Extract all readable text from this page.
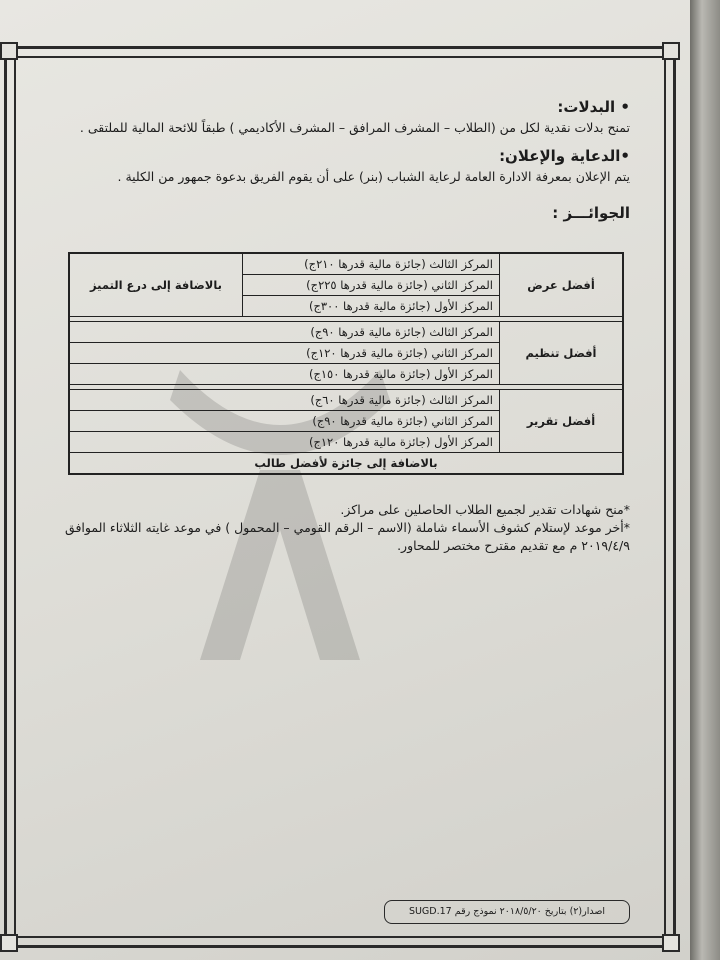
• البدلات:

تمنح بدلات نقدية لكل من (الطلاب – المشرف المرافق – المشرف الأكاديمي ) طبقاً للائحة المالية للملتقى .

•الدعاية والإعلان:

يتم الإعلان بمعرفة الادارة العامة لرعاية الشباب (بنر) على أن يقوم الفريق بدعوة جمهور من الكلية .

الجوائـــز :
أفضل عرض	المركز الثالث (جائزة مالية قدرها ٢١٠ج)	بالاضافة إلى درع التميز
	المركز الثاني (جائزة مالية قدرها ٢٢٥ج)	
	المركز الأول (جائزة مالية قدرها ٣٠٠ج)	

أفضل تنظيم	المركز الثالث (جائزة مالية قدرها ٩٠ج)	
	المركز الثاني (جائزة مالية قدرها ١٢٠ج)	
	المركز الأول (جائزة مالية قدرها ١٥٠ج)	

أفضل تقرير	المركز الثالث (جائزة مالية قدرها ٦٠ج)	
	المركز الثاني (جائزة مالية قدرها ٩٠ج)	
	المركز الأول (جائزة مالية قدرها ١٢٠ج)	
بالاضافة إلى جائزة لأفضل طالب		

*منح شهادات تقدير لجميع الطلاب الحاصلين على مراكز.

*أخر موعد لإستلام كشوف الأسماء شاملة (الاسم – الرقم القومي – المحمول ) في موعد غايته الثلاثاء الموافق

٢٠١٩/٤/٩ م مع تقديم مقترح مختصر للمحاور.

اصدار(٢) بتاريخ ٢٠١٨/٥/٢٠ نموذج رقم SUGD.17
